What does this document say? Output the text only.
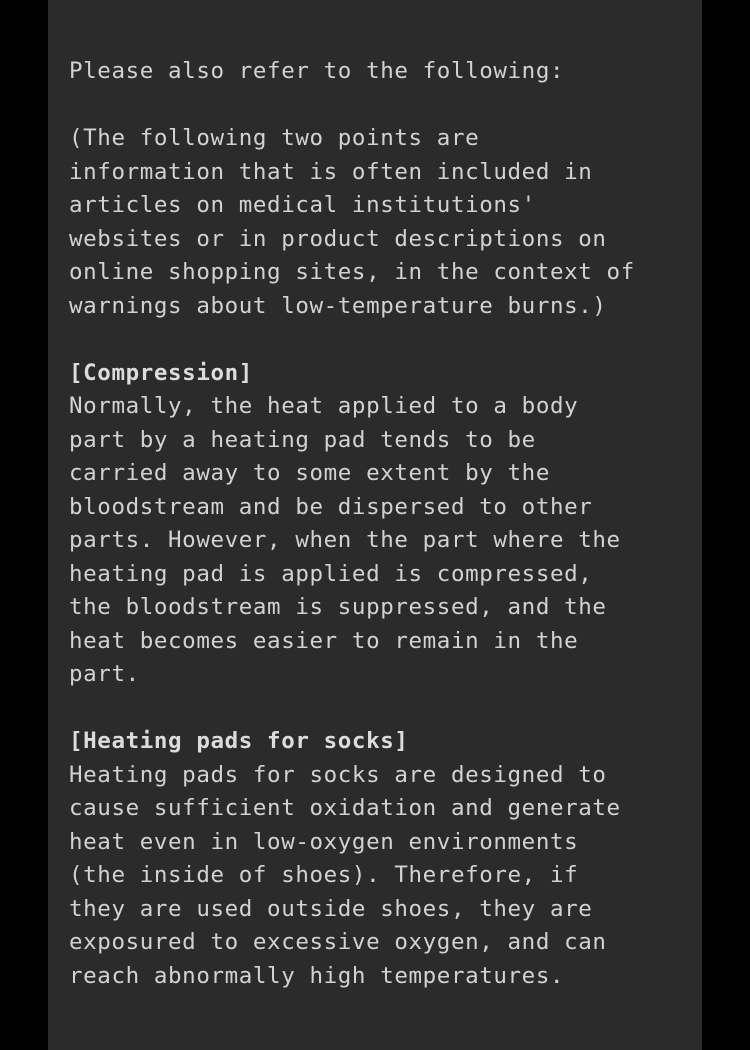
Please also refer to the following:
(The following two points are
information that is often included in
articles on medical institutions'
websites or in product descriptions on
online shopping sites, in the context of
warnings about low-temperature burns.)
[Compression]
Normally, the heat applied to a body
part by a heating pad tends to be
carried away to some extent by the
bloodstream and be dispersed to other
parts. However, when the part where the
heating pad is applied is compressed,
the bloodstream is suppressed, and the
heat becomes easier to remain in the
part.
[Heating pads for socks]
Heating pads for socks are designed to
cause sufficient oxidation and generate
heat even in low-oxygen environments
(the inside of shoes). Therefore, if
they are used outside shoes, they are
exposured to excessive oxygen, and can
reach abnormally high temperatures.
